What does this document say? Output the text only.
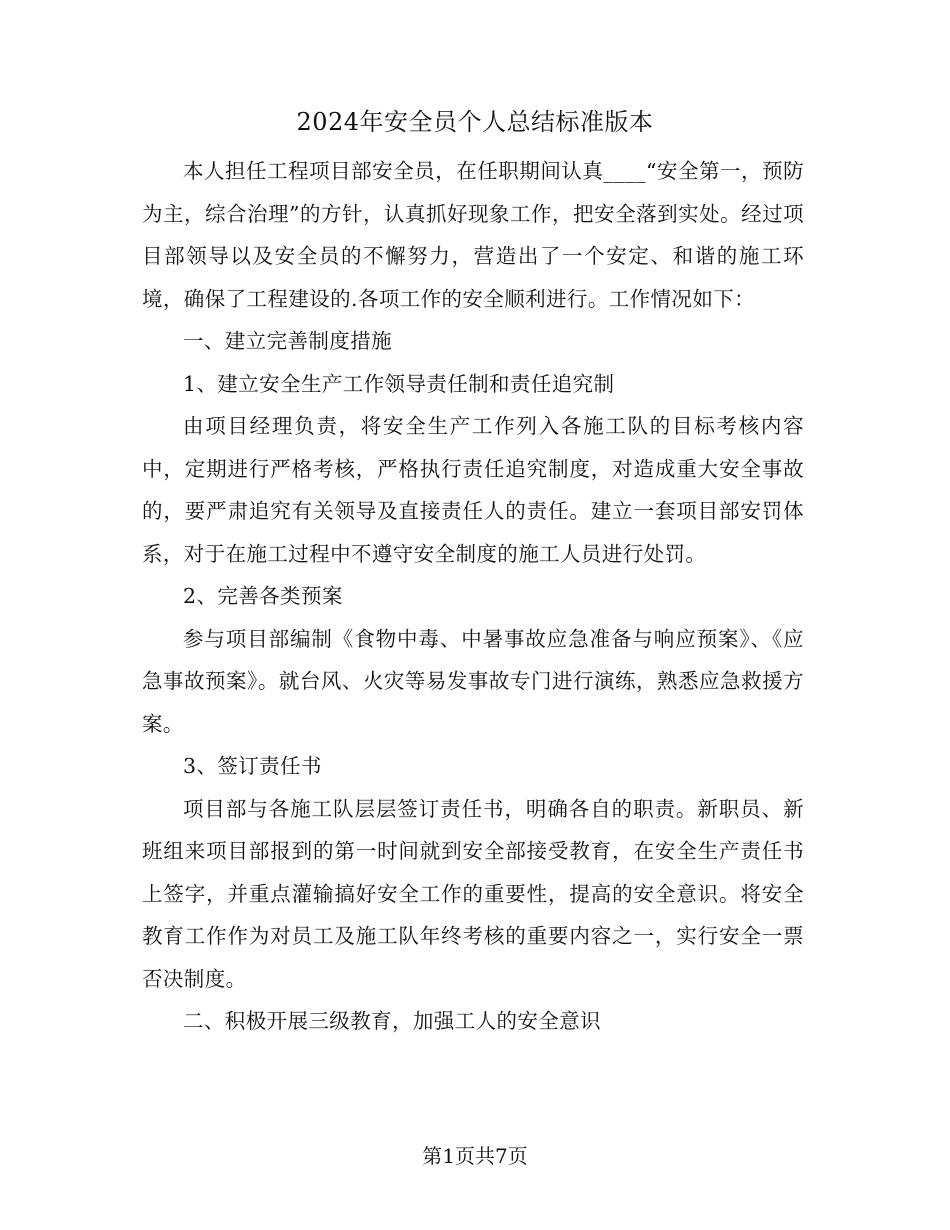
2024年安全员个人总结标准版本

本人担任工程项目部安全员，在任职期间认真____“安全第一，预防为主，综合治理”的方针，认真抓好现象工作，把安全落到实处。经过项目部领导以及安全员的不懈努力，营造出了一个安定、和谐的施工环境，确保了工程建设的.各项工作的安全顺利进行。工作情况如下：

一、建立完善制度措施

1、建立安全生产工作领导责任制和责任追究制

由项目经理负责，将安全生产工作列入各施工队的目标考核内容中，定期进行严格考核，严格执行责任追究制度，对造成重大安全事故的，要严肃追究有关领导及直接责任人的责任。建立一套项目部安罚体系，对于在施工过程中不遵守安全制度的施工人员进行处罚。

2、完善各类预案

参与项目部编制《食物中毒、中暑事故应急准备与响应预案》、《应急事故预案》。就台风、火灾等易发事故专门进行演练，熟悉应急救援方案。

3、签订责任书

项目部与各施工队层层签订责任书，明确各自的职责。新职员、新班组来项目部报到的第一时间就到安全部接受教育，在安全生产责任书上签字，并重点灌输搞好安全工作的重要性，提高的安全意识。将安全教育工作作为对员工及施工队年终考核的重要内容之一，实行安全一票否决制度。

二、积极开展三级教育，加强工人的安全意识

第1页共7页
